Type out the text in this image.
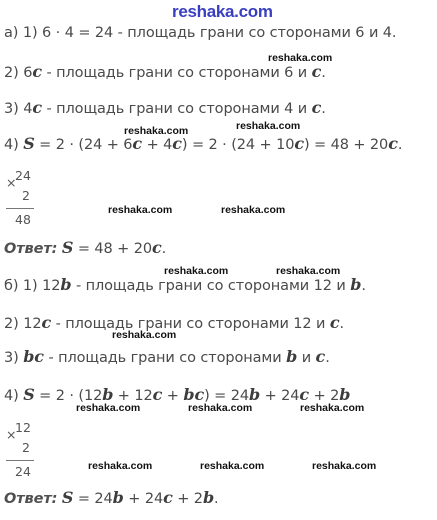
reshaka.com
а) 1) 6 · 4 = 24 - площадь грани со сторонами 6 и 4.
reshaka.com
2) 6c - площадь грани со сторонами 6 и c.
3) 4c - площадь грани со сторонами 4 и c.
reshaka.com	reshaka.com
4) S = 2 · (24 + 6c + 4c) = 2 · (24 + 10c) = 48 + 20c.
×
24
2
48
reshaka.com	reshaka.com
Ответ: S = 48 + 20c.
reshaka.com	reshaka.com
б) 1) 12b - площадь грани со сторонами 12 и b.
2) 12c - площадь грани со сторонами 12 и c.
reshaka.com
3) bc - площадь грани со сторонами b и c.
4) S = 2 · (12b + 12c + bc) = 24b + 24c + 2b
reshaka.com	reshaka.com	reshaka.com
×
12
2
24	reshaka.com	reshaka.com	reshaka.com
Ответ: S = 24b + 24c + 2b.
